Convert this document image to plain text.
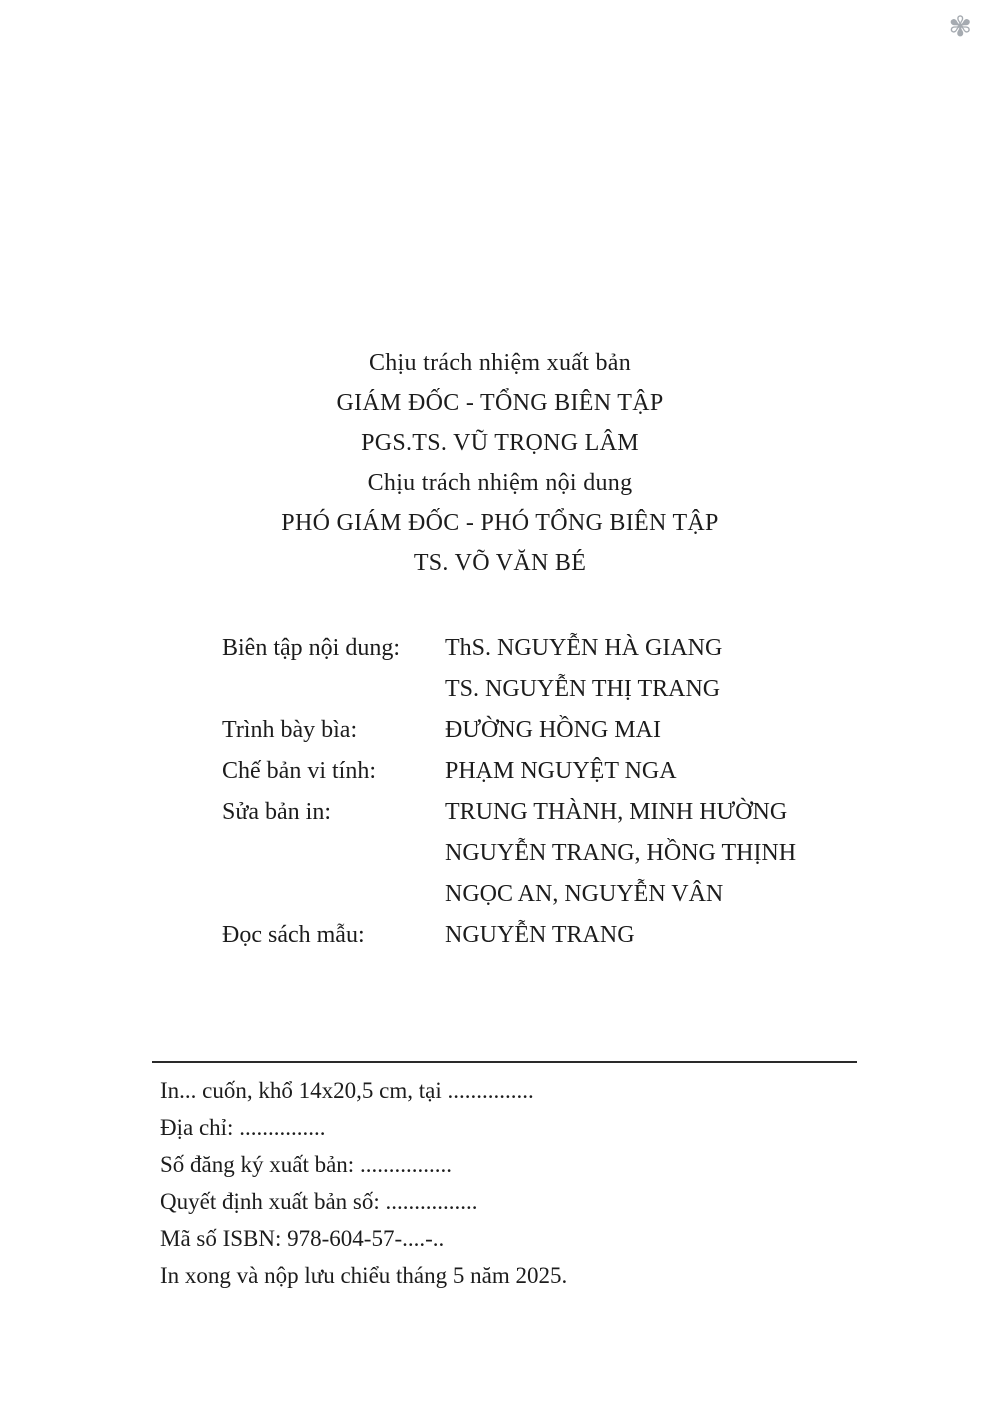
✾
Chịu trách nhiệm xuất bản
GIÁM ĐỐC - TỔNG BIÊN TẬP
PGS.TS. VŨ TRỌNG LÂM
Chịu trách nhiệm nội dung
PHÓ GIÁM ĐỐC - PHÓ TỔNG BIÊN TẬP
TS. VÕ VĂN BÉ
Biên tập nội dung:	ThS. NGUYỄN HÀ GIANG
TS. NGUYỄN THỊ TRANG
Trình bày bìa:	ĐƯỜNG HỒNG MAI
Chế bản vi tính:	PHẠM NGUYỆT NGA
Sửa bản in:	TRUNG THÀNH, MINH HƯỜNG
NGUYỄN TRANG, HỒNG THỊNH
NGỌC AN, NGUYỄN VÂN
Đọc sách mẫu:	NGUYỄN TRANG
In... cuốn, khổ 14x20,5 cm, tại ...............
Địa chỉ: ...............
Số đăng ký xuất bản: ................
Quyết định xuất bản số: ................
Mã số ISBN: 978-604-57-....-..
In xong và nộp lưu chiểu tháng 5 năm 2025.
